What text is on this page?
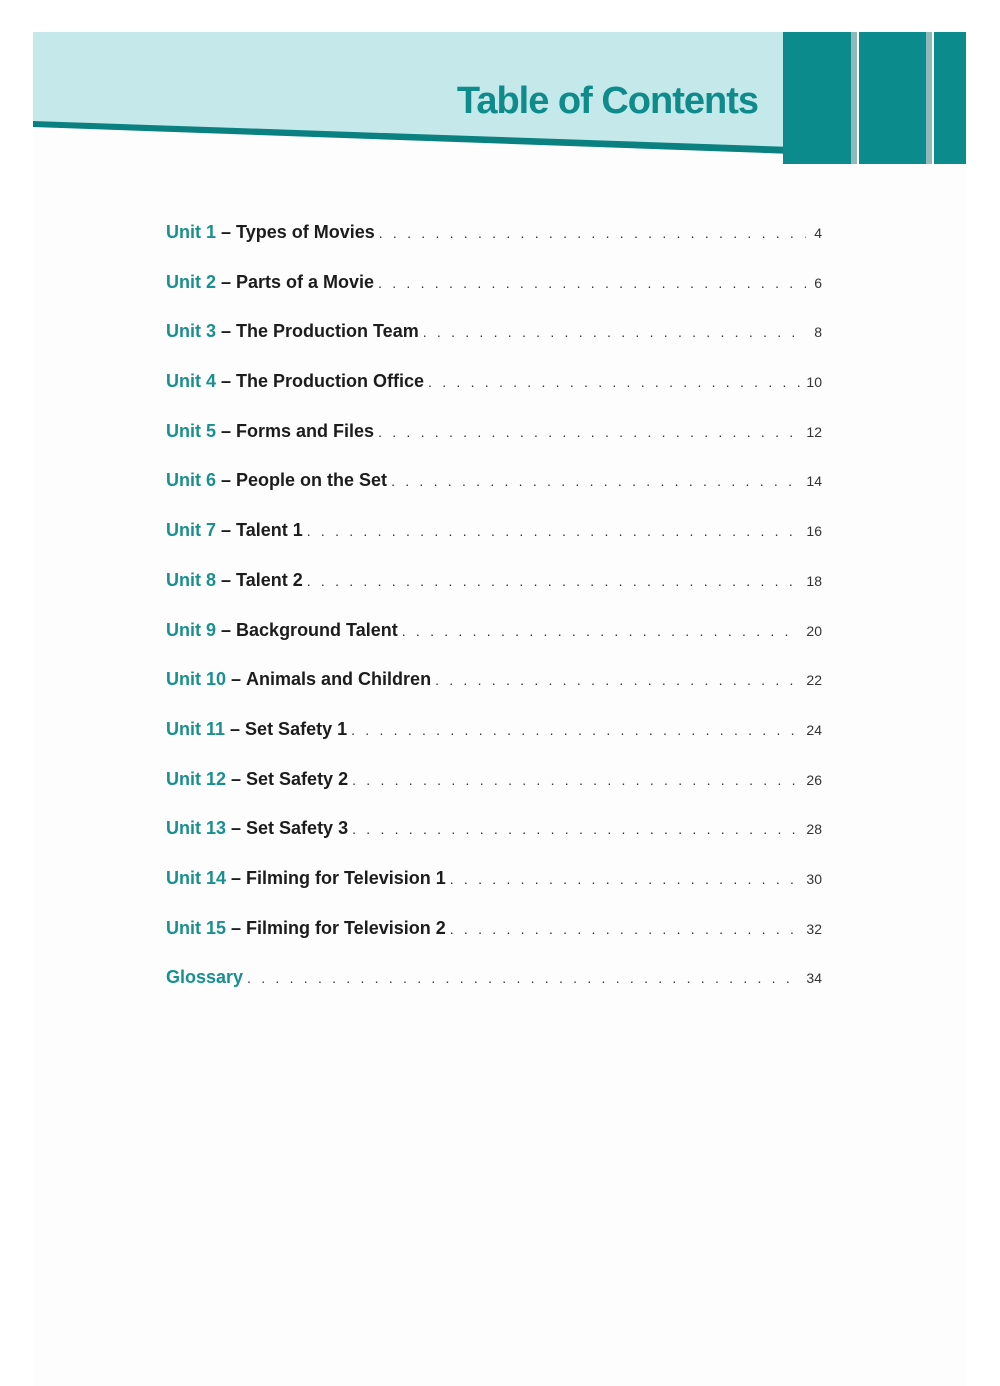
Table of Contents
Unit 1 – Types of Movies . . .	4
Unit 2 – Parts of a Movie . . .	6
Unit 3 – The Production Team . . .	8
Unit 4 – The Production Office . . .	10
Unit 5 – Forms and Files . . .	12
Unit 6 – People on the Set . . .	14
Unit 7 – Talent 1 . . .	16
Unit 8 – Talent 2 . . .	18
Unit 9 – Background Talent . . .	20
Unit 10 – Animals and Children . . .	22
Unit 11 – Set Safety 1 . . .	24
Unit 12 – Set Safety 2 . . .	26
Unit 13 – Set Safety 3 . . .	28
Unit 14 – Filming for Television 1 . . .	30
Unit 15 – Filming for Television 2 . . .	32
Glossary . . .	34
